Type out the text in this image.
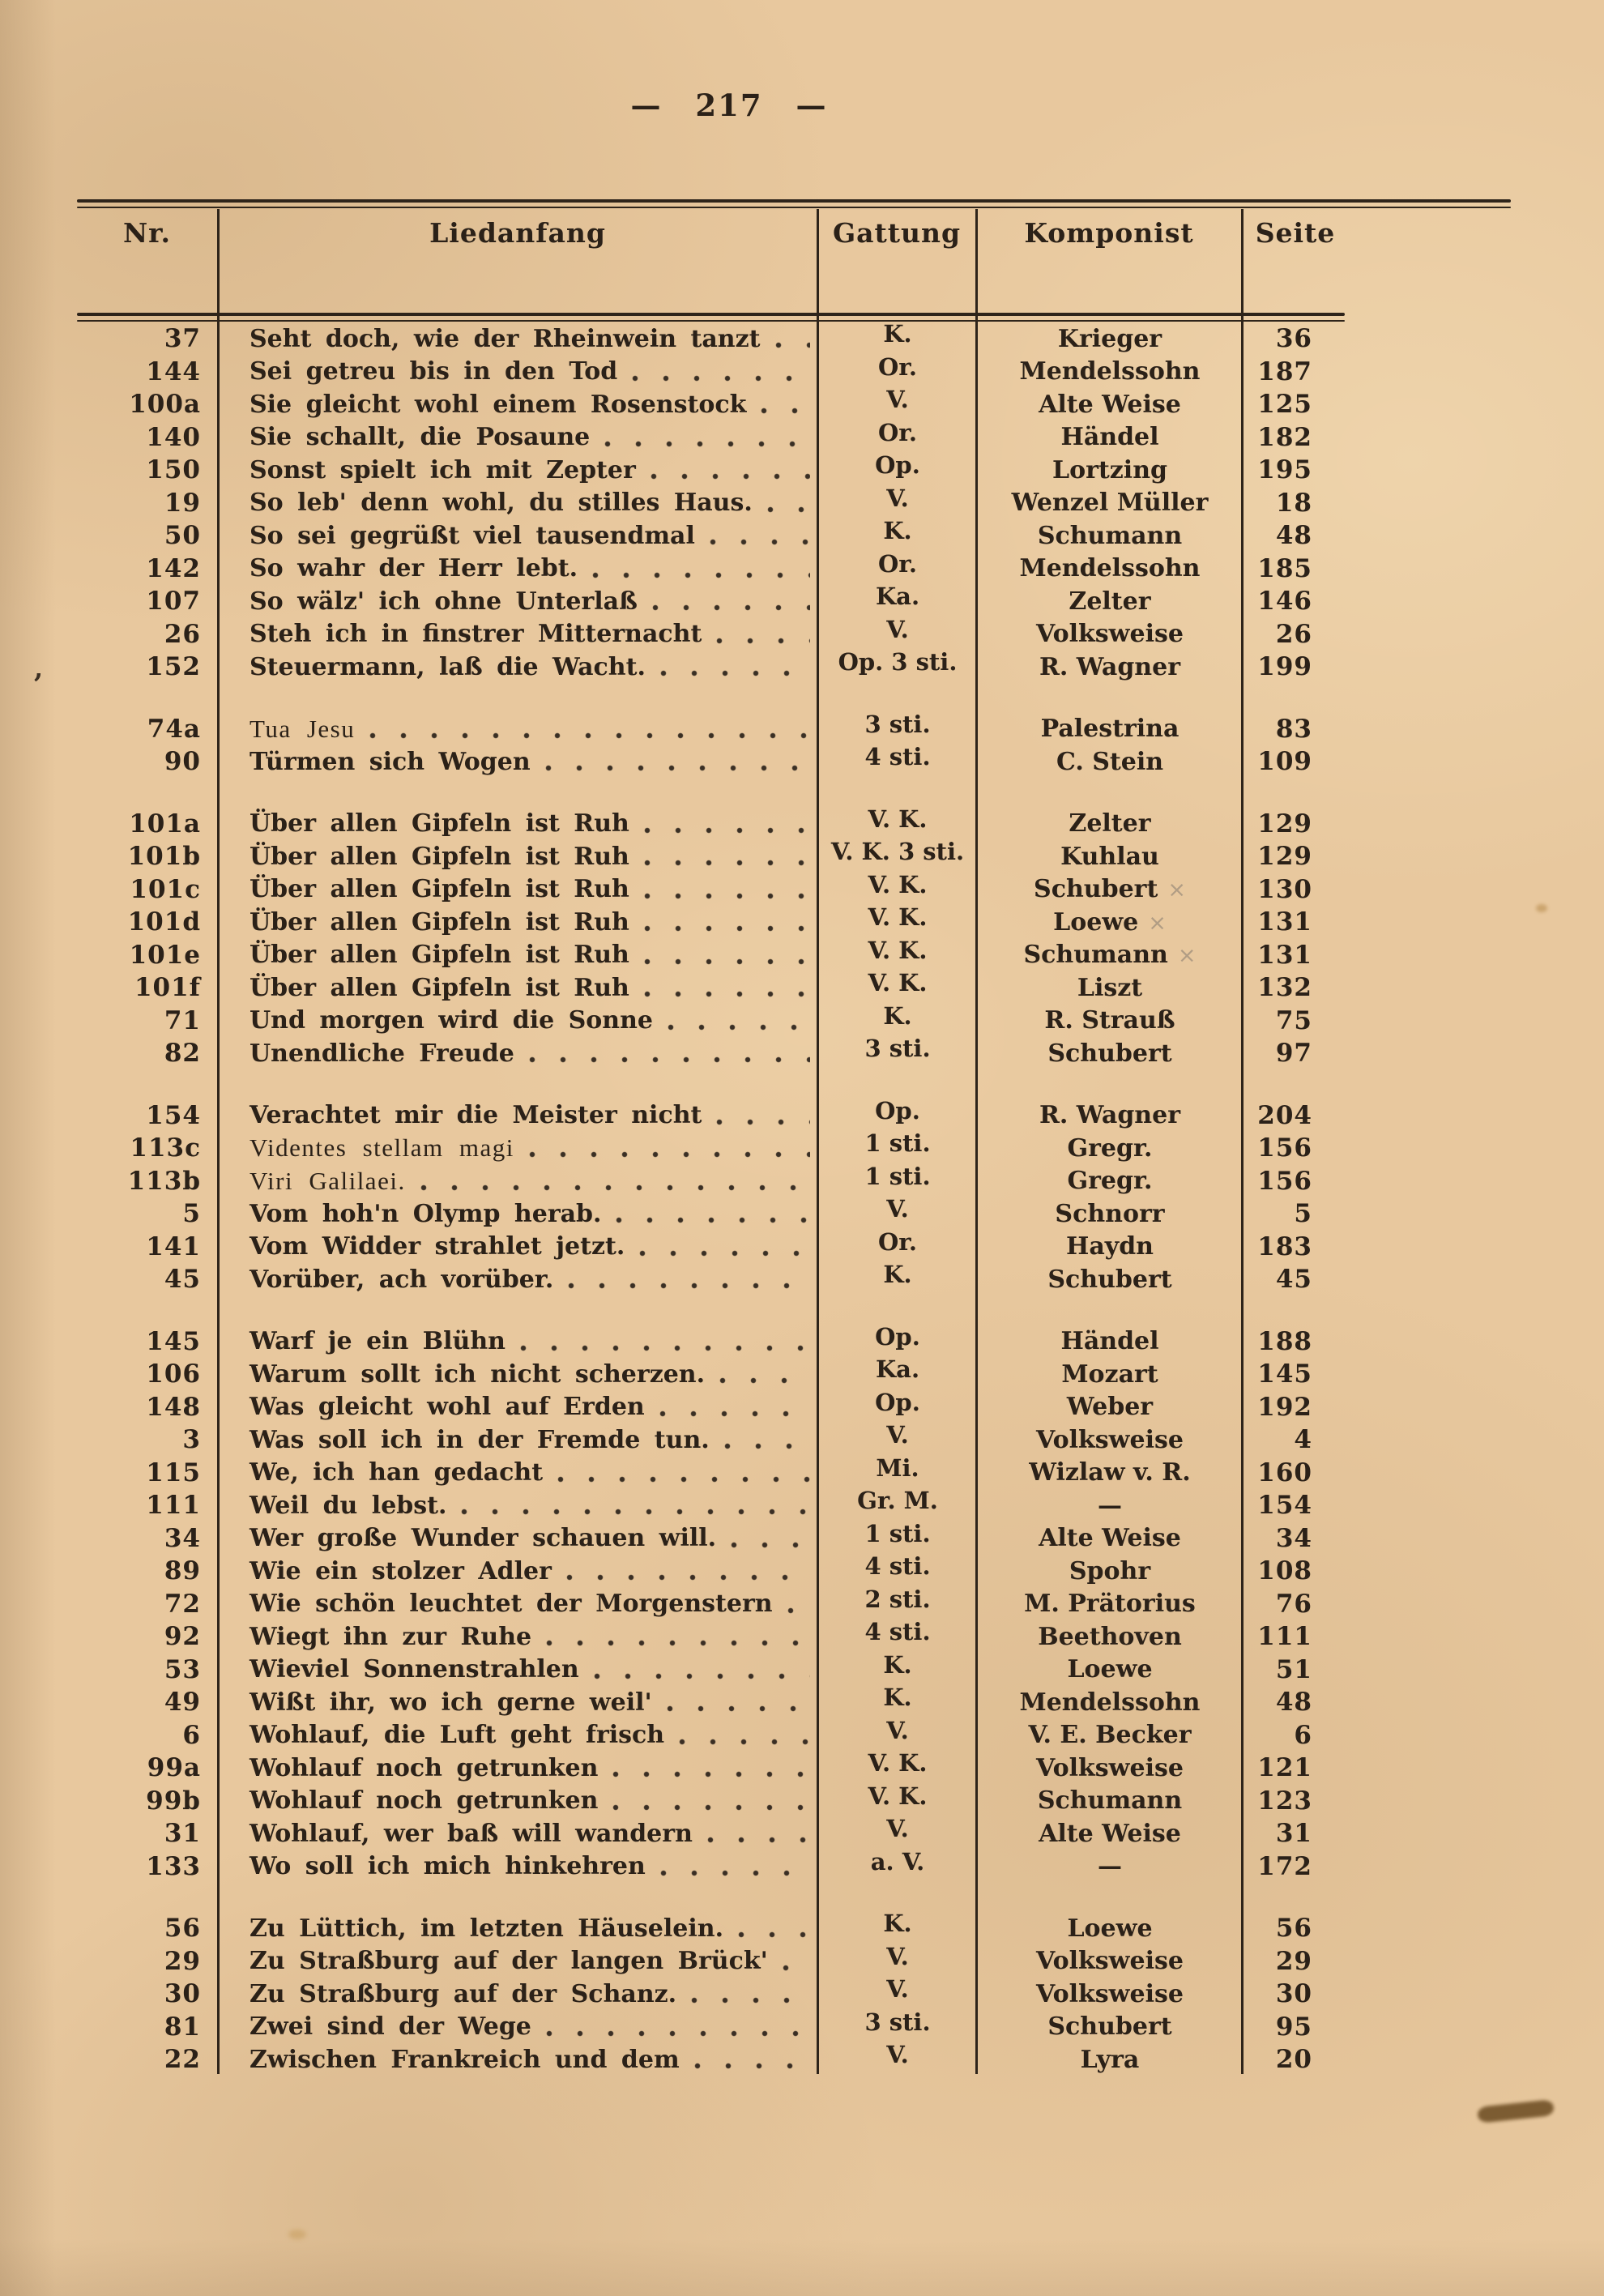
— 217 —
Nr.	Liedanfang	Gattung	Komponist	Seite
37	Seht doch, wie der Rheinwein tanzt	K.	Krieger	36
144	Sei getreu bis in den Tod	Or.	Mendelssohn	187
100a	Sie gleicht wohl einem Rosenstock	V.	Alte Weise	125
140	Sie schallt, die Posaune	Or.	Händel	182
150	Sonst spielt ich mit Zepter	Op.	Lortzing	195
19	So leb' denn wohl, du stilles Haus.	V.	Wenzel Müller	18
50	So sei gegrüßt viel tausendmal	K.	Schumann	48
142	So wahr der Herr lebt.	Or.	Mendelssohn	185
107	So wälz' ich ohne Unterlaß	Ka.	Zelter	146
26	Steh ich in finstrer Mitternacht	V.	Volksweise	26
152	Steuermann, laß die Wacht.	Op. 3 sti.	R. Wagner	199
74a	Tua Jesu	3 sti.	Palestrina	83
90	Türmen sich Wogen	4 sti.	C. Stein	109
101a	Über allen Gipfeln ist Ruh	V. K.	Zelter	129
101b	Über allen Gipfeln ist Ruh	V. K. 3 sti.	Kuhlau	129
101c	Über allen Gipfeln ist Ruh	V. K.	Schubert ×	130
101d	Über allen Gipfeln ist Ruh	V. K.	Loewe ×	131
101e	Über allen Gipfeln ist Ruh	V. K.	Schumann ×	131
101f	Über allen Gipfeln ist Ruh	V. K.	Liszt	132
71	Und morgen wird die Sonne	K.	R. Strauß	75
82	Unendliche Freude	3 sti.	Schubert	97
154	Verachtet mir die Meister nicht	Op.	R. Wagner	204
113c	Videntes stellam magi	1 sti.	Gregr.	156
113b	Viri Galilaei.	1 sti.	Gregr.	156
5	Vom hoh'n Olymp herab.	V.	Schnorr	5
141	Vom Widder strahlet jetzt.	Or.	Haydn	183
45	Vorüber, ach vorüber.	K.	Schubert	45
145	Warf je ein Blühn	Op.	Händel	188
106	Warum sollt ich nicht scherzen.	Ka.	Mozart	145
148	Was gleicht wohl auf Erden	Op.	Weber	192
3	Was soll ich in der Fremde tun.	V.	Volksweise	4
115	We, ich han gedacht	Mi.	Wizlaw v. R.	160
111	Weil du lebst.	Gr. M.	—	154
34	Wer große Wunder schauen will.	1 sti.	Alte Weise	34
89	Wie ein stolzer Adler	4 sti.	Spohr	108
72	Wie schön leuchtet der Morgenstern	2 sti.	M. Prätorius	76
92	Wiegt ihn zur Ruhe	4 sti.	Beethoven	111
53	Wieviel Sonnenstrahlen	K.	Loewe	51
49	Wißt ihr, wo ich gerne weil'	K.	Mendelssohn	48
6	Wohlauf, die Luft geht frisch	V.	V. E. Becker	6
99a	Wohlauf noch getrunken	V. K.	Volksweise	121
99b	Wohlauf noch getrunken	V. K.	Schumann	123
31	Wohlauf, wer baß will wandern	V.	Alte Weise	31
133	Wo soll ich mich hinkehren	a. V.	—	172
56	Zu Lüttich, im letzten Häuselein.	K.	Loewe	56
29	Zu Straßburg auf der langen Brück'	V.	Volksweise	29
30	Zu Straßburg auf der Schanz.	V.	Volksweise	30
81	Zwei sind der Wege	3 sti.	Schubert	95
22	Zwischen Frankreich und dem	V.	Lyra	20
,
